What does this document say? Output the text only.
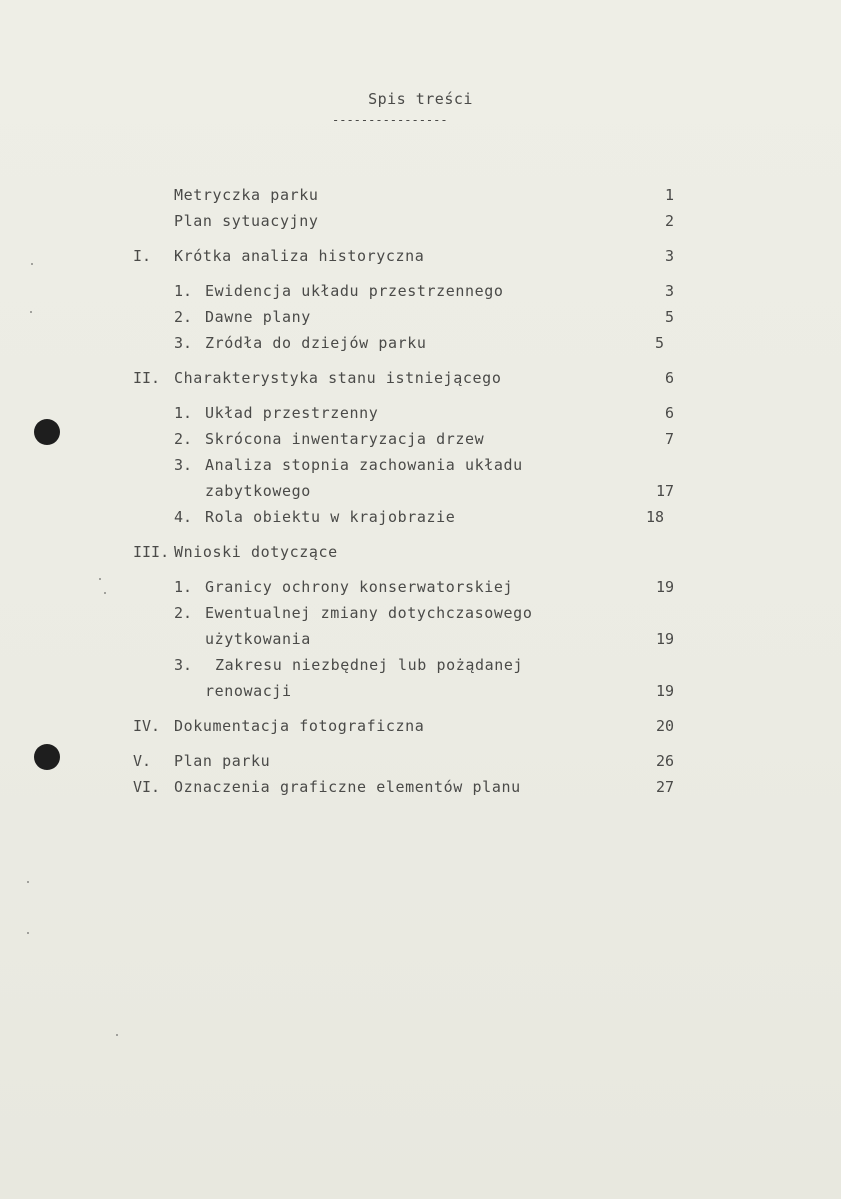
Spis treści
----------------
Metryczka parku	1
Plan sytuacyjny	2
I. Krótka analiza historyczna	3
1. Ewidencja układu przestrzennego	3
2. Dawne plany	5
3. Zródła do dziejów parku	5
II. Charakterystyka stanu istniejącego	6
1. Układ przestrzenny	6
2. Skrócona inwentaryzacja drzew	7
3. Analiza stopnia zachowania układu
zabytkowego	17
4. Rola obiektu w krajobrazie	18
III. Wnioski dotyczące
1. Granicy ochrony konserwatorskiej	19
2. Ewentualnej zmiany dotychczasowego
użytkowania	19
3. Zakresu niezbędnej lub pożądanej
renowacji	19
IV. Dokumentacja fotograficzna	20
V. Plan parku	26
VI. Oznaczenia graficzne elementów planu	27
